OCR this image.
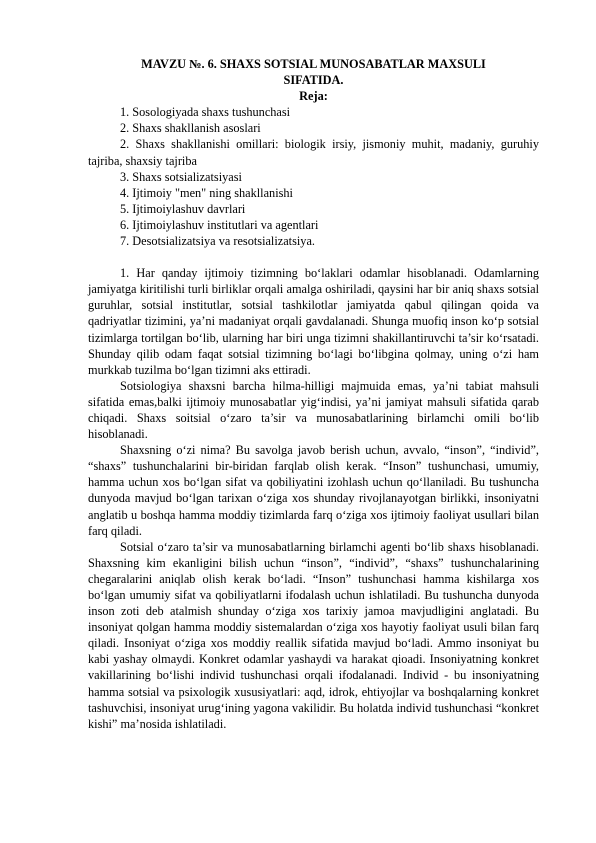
MAVZU №. 6. SHAXS SOTSIAL MUNOSABATLAR MAXSULI
SIFATIDA.

Reja:

1. Sosologiyada shaxs tushunchasi
2. Shaxs shakllanish asoslari
2. Shaxs shakllanishi omillari: biologik irsiy, jismoniy muhit, madaniy, guruhiy tajriba, shaxsiy tajriba
3. Shaxs sotsializatsiyasi
4. Ijtimoiy "men" ning shakllanishi
5. Ijtimoiylashuv davrlari
6. Ijtimoiylashuv institutlari va agentlari
7. Desotsializatsiya va resotsializatsiya.

1. Har qanday ijtimoiy tizimning bo‘laklari odamlar hisoblanadi. Odamlarning jamiyatga kiritilishi turli birliklar orqali amalga oshiriladi, qaysini har bir aniq shaxs sotsial guruhlar, sotsial institutlar, sotsial tashkilotlar jamiyatda qabul qilingan qoida va qadriyatlar tizimini, ya’ni madaniyat orqali gavdalanadi. Shunga muofiq inson ko‘p sotsial tizimlarga tortilgan bo‘lib, ularning har biri unga tizimni shakillantiruvchi ta’sir ko‘rsatadi. Shunday qilib odam faqat sotsial tizimning bo‘lagi bo‘libgina qolmay, uning o‘zi ham murkkab tuzilma bo‘lgan tizimni aks ettiradi.

Sotsiologiya shaxsni barcha hilma-hilligi majmuida emas, ya’ni tabiat mahsuli sifatida emas,balki ijtimoiy munosabatlar yig‘indisi, ya’ni jamiyat mahsuli sifatida qarab chiqadi. Shaxs soitsial o‘zaro ta’sir va munosabatlarining birlamchi omili bo‘lib hisoblanadi.

Shaxsning o‘zi nima? Bu savolga javob berish uchun, avvalo, “inson”, “individ”, “shaxs” tushunchalarini bir-biridan farqlab olish kerak. “Inson” tushunchasi, umumiy, hamma uchun xos bo‘lgan sifat va qobiliyatini izohlash uchun qo‘llaniladi. Bu tushuncha dunyoda mavjud bo‘lgan tarixan o‘ziga xos shunday rivojlanayotgan birlikki, insoniyatni anglatib u boshqa hamma moddiy tizimlarda farq o‘ziga xos ijtimoiy faoliyat usullari bilan farq qiladi.

Sotsial o‘zaro ta’sir va munosabatlarning birlamchi agenti bo‘lib shaxs hisoblanadi. Shaxsning kim ekanligini bilish uchun “inson”, “individ”, “shaxs” tushunchalarining chegaralarini aniqlab olish kerak bo‘ladi. “Inson” tushunchasi hamma kishilarga xos bo‘lgan umumiy sifat va qobiliyatlarni ifodalash uchun ishlatiladi. Bu tushuncha dunyoda inson zoti deb atalmish shunday o‘ziga xos tarixiy jamoa mavjudligini anglatadi. Bu insoniyat qolgan hamma moddiy sistemalardan o‘ziga xos hayotiy faoliyat usuli bilan farq qiladi. Insoniyat o‘ziga xos moddiy reallik sifatida mavjud bo‘ladi. Ammo insoniyat bu kabi yashay olmaydi. Konkret odamlar yashaydi va harakat qioadi. Insoniyatning konkret vakillarining bo‘lishi individ tushunchasi orqali ifodalanadi. Individ - bu insoniyatning hamma sotsial va psixologik xususiyatlari: aqd, idrok, ehtiyojlar va boshqalarning konkret tashuvchisi, insoniyat urug‘ining yagona vakilidir. Bu holatda individ tushunchasi “konkret kishi” ma’nosida ishlatiladi.
